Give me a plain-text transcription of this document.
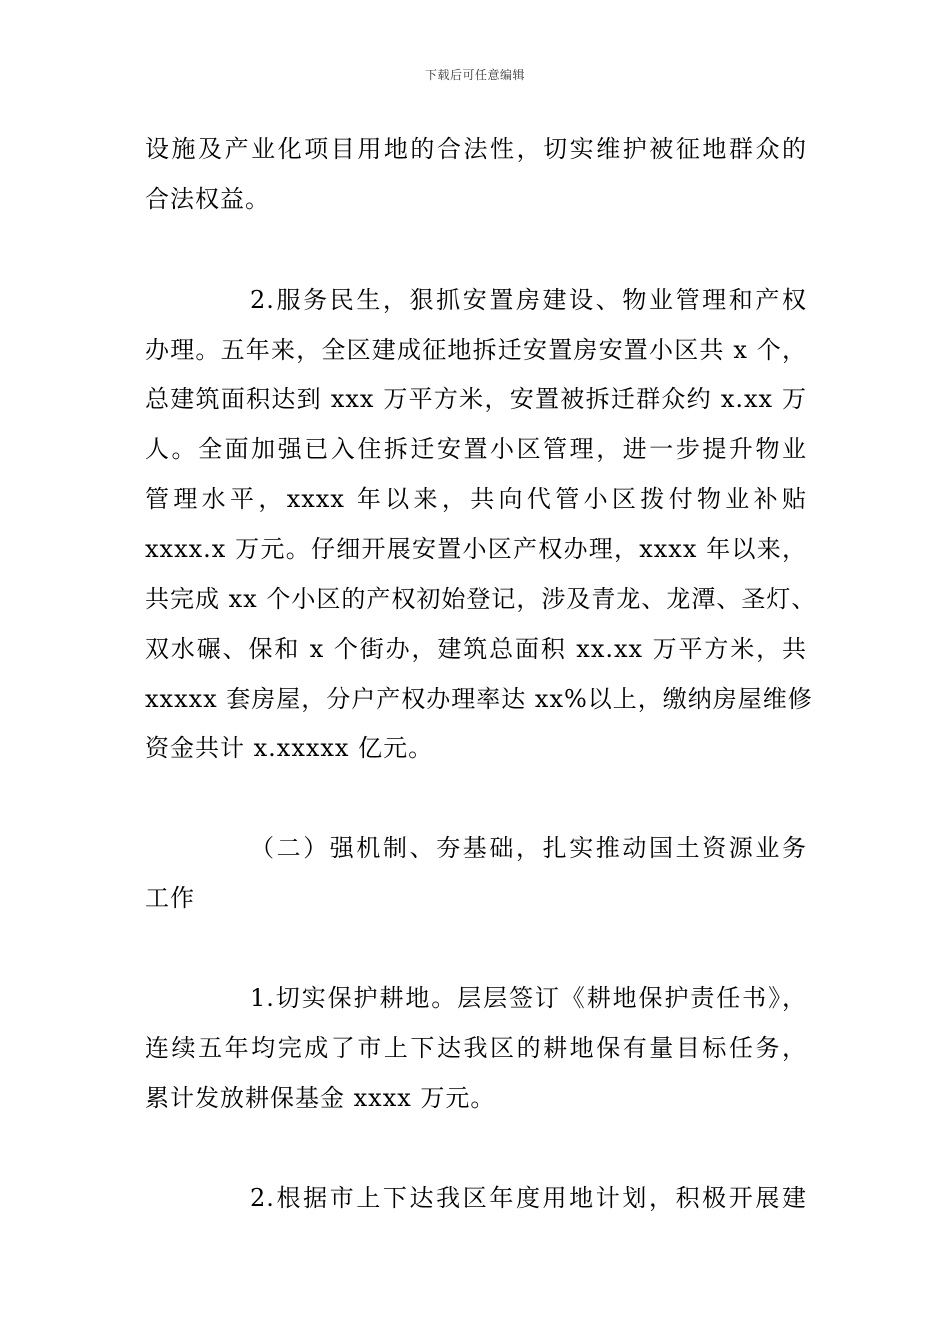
下载后可任意编辑
设施及产业化项目用地的合法性，切实维护被征地群众的
合法权益。
2.服务民生，狠抓安置房建设、物业管理和产权
办理。五年来，全区建成征地拆迁安置房安置小区共 x 个，
总建筑面积达到 xxx 万平方米，安置被拆迁群众约 x.xx 万
人。全面加强已入住拆迁安置小区管理，进一步提升物业
管理水平，xxxx 年以来，共向代管小区拨付物业补贴
xxxx.x 万元。仔细开展安置小区产权办理，xxxx 年以来，
共完成 xx 个小区的产权初始登记，涉及青龙、龙潭、圣灯、
双水碾、保和 x 个街办，建筑总面积 xx.xx 万平方米，共
xxxxx 套房屋，分户产权办理率达 xx%以上，缴纳房屋维修
资金共计 x.xxxxx 亿元。
（二）强机制、夯基础，扎实推动国土资源业务
工作
1.切实保护耕地。层层签订《耕地保护责任书》，
连续五年均完成了市上下达我区的耕地保有量目标任务，
累计发放耕保基金 xxxx 万元。
2.根据市上下达我区年度用地计划，积极开展建
